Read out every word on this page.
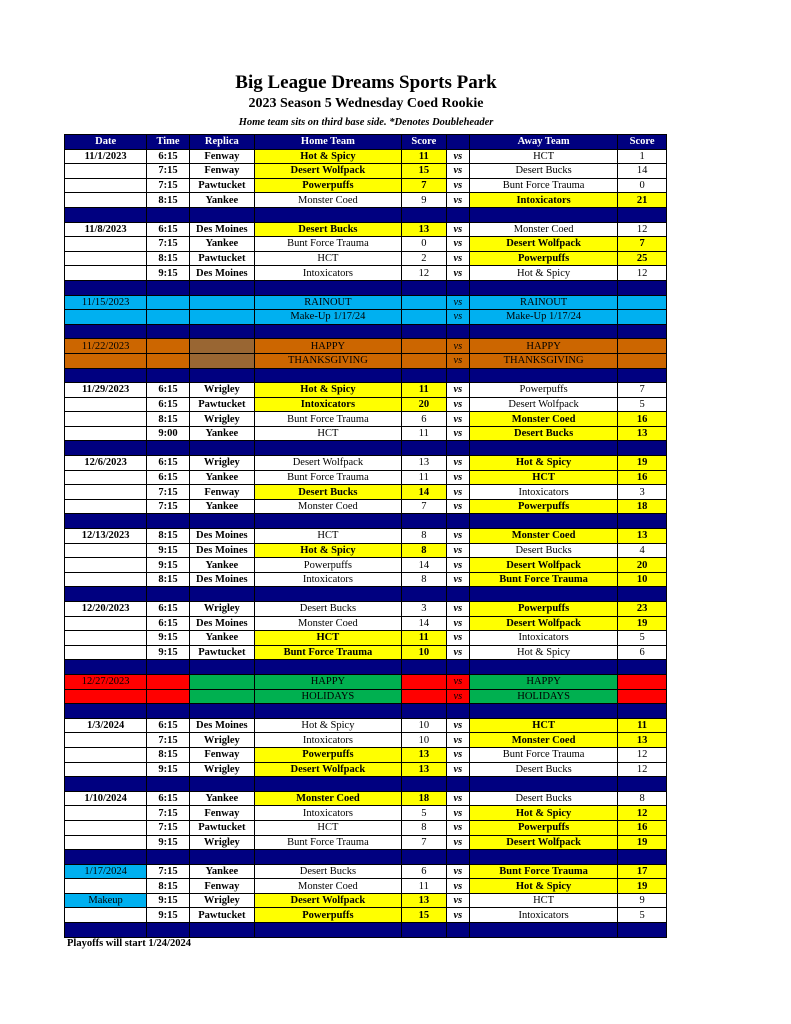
Big League Dreams Sports Park
2023 Season 5 Wednesday Coed Rookie
Home team sits on third base side. *Denotes Doubleheader
Date	Time	Replica	Home Team	Score		Away Team	Score
11/1/2023	6:15	Fenway	Hot & Spicy	11	vs	HCT	1
	7:15	Fenway	Desert Wolfpack	15	vs	Desert Bucks	14
	7:15	Pawtucket	Powerpuffs	7	vs	Bunt Force Trauma	0
	8:15	Yankee	Monster Coed	9	vs	Intoxicators	21

11/8/2023	6:15	Des Moines	Desert Bucks	13	vs	Monster Coed	12
	7:15	Yankee	Bunt Force Trauma	0	vs	Desert Wolfpack	7
	8:15	Pawtucket	HCT	2	vs	Powerpuffs	25
	9:15	Des Moines	Intoxicators	12	vs	Hot & Spicy	12

11/15/2023			RAINOUT		vs	RAINOUT	
			Make-Up 1/17/24		vs	Make-Up 1/17/24	

11/22/2023			HAPPY		vs	HAPPY	
			THANKSGIVING		vs	THANKSGIVING	

11/29/2023	6:15	Wrigley	Hot & Spicy	11	vs	Powerpuffs	7
	6:15	Pawtucket	Intoxicators	20	vs	Desert Wolfpack	5
	8:15	Wrigley	Bunt Force Trauma	6	vs	Monster Coed	16
	9:00	Yankee	HCT	11	vs	Desert Bucks	13

12/6/2023	6:15	Wrigley	Desert Wolfpack	13	vs	Hot & Spicy	19
	6:15	Yankee	Bunt Force Trauma	11	vs	HCT	16
	7:15	Fenway	Desert Bucks	14	vs	Intoxicators	3
	7:15	Yankee	Monster Coed	7	vs	Powerpuffs	18

12/13/2023	8:15	Des Moines	HCT	8	vs	Monster Coed	13
	9:15	Des Moines	Hot & Spicy	8	vs	Desert Bucks	4
	9:15	Yankee	Powerpuffs	14	vs	Desert Wolfpack	20
	8:15	Des Moines	Intoxicators	8	vs	Bunt Force Trauma	10

12/20/2023	6:15	Wrigley	Desert Bucks	3	vs	Powerpuffs	23
	6:15	Des Moines	Monster Coed	14	vs	Desert Wolfpack	19
	9:15	Yankee	HCT	11	vs	Intoxicators	5
	9:15	Pawtucket	Bunt Force Trauma	10	vs	Hot & Spicy	6

12/27/2023			HAPPY		vs	HAPPY	
			HOLIDAYS		vs	HOLIDAYS	

1/3/2024	6:15	Des Moines	Hot & Spicy	10	vs	HCT	11
	7:15	Wrigley	Intoxicators	10	vs	Monster Coed	13
	8:15	Fenway	Powerpuffs	13	vs	Bunt Force Trauma	12
	9:15	Wrigley	Desert Wolfpack	13	vs	Desert Bucks	12

1/10/2024	6:15	Yankee	Monster Coed	18	vs	Desert Bucks	8
	7:15	Fenway	Intoxicators	5	vs	Hot & Spicy	12
	7:15	Pawtucket	HCT	8	vs	Powerpuffs	16
	9:15	Wrigley	Bunt Force Trauma	7	vs	Desert Wolfpack	19

1/17/2024	7:15	Yankee	Desert Bucks	6	vs	Bunt Force Trauma	17
	8:15	Fenway	Monster Coed	11	vs	Hot & Spicy	19
Makeup	9:15	Wrigley	Desert Wolfpack	13	vs	HCT	9
	9:15	Pawtucket	Powerpuffs	15	vs	Intoxicators	5

Playoffs will start 1/24/2024
